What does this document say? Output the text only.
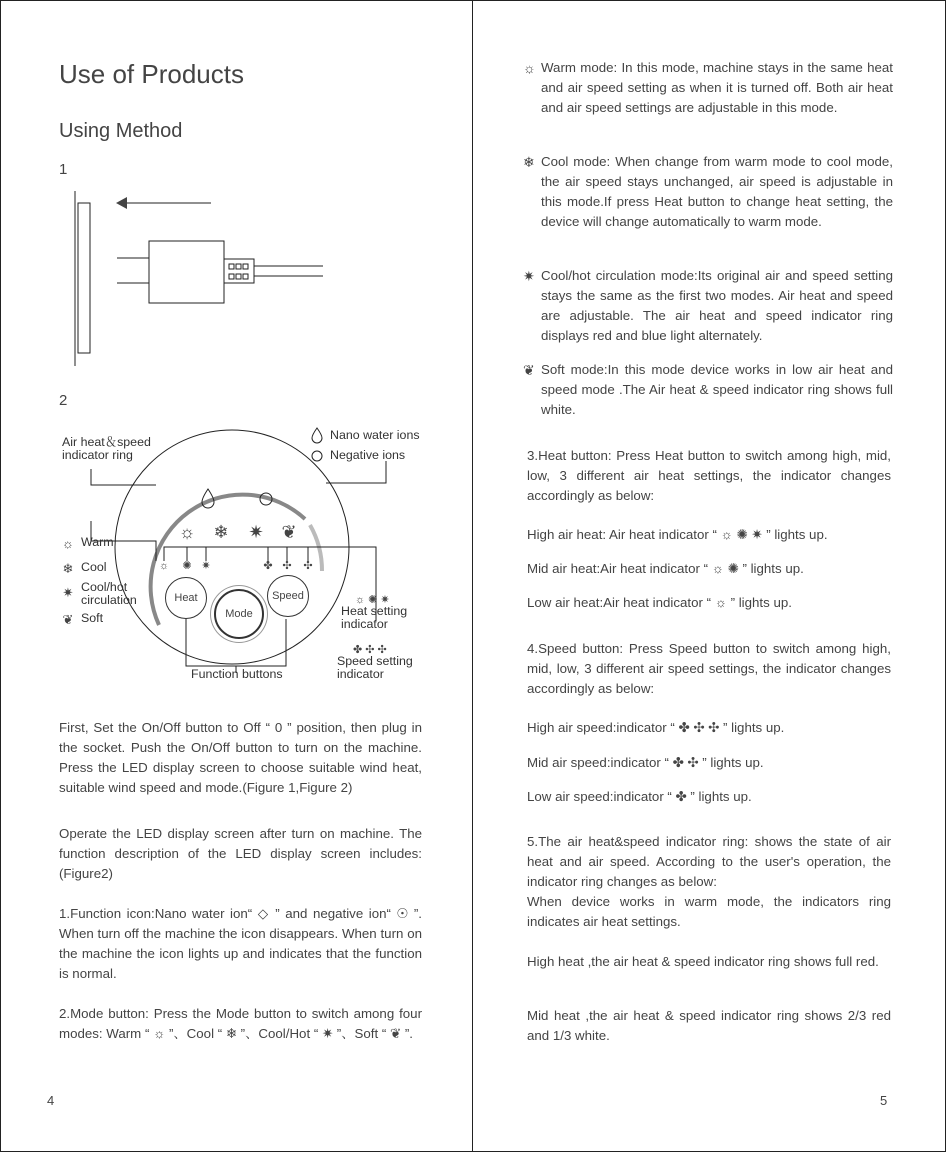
Use of Products
Using Method
1
2
☼ ❄ ✷ ❦
☼ ✺ ✷	✤ ✣ ✣
☼
❄
✷
❦
☼ ✺ ✷
✤ ✣ ✣
Heat
Mode
Speed
Air heat＆speed indicator ring
Nano water ions
Negative ions
Warm
Cool
Cool/hot circulation
Soft	Heat setting indicator
Speed setting indicator
Function buttons
First, Set the On/Off button to Off “ 0 ” position, then plug in the socket. Push the On/Off button to turn on the machine. Press the LED display screen to choose suitable wind heat, suitable wind speed and mode.(Figure 1,Figure 2)
Operate the LED display screen after turn on machine. The function description of the LED display screen includes: (Figure2)
1.Function icon:Nano water ion“ ◇ ” and negative ion“ ☉ ”. When turn off the machine the icon disappears. When turn on the machine the icon lights up and indicates that the function is normal.
2.Mode button: Press the Mode button to switch among four modes: Warm “ ☼ ”、Cool “ ❄ ”、Cool/Hot “ ✷ ”、Soft “ ❦ ”.
4
☼ Warm mode: In this mode, machine stays in the same heat and air speed setting as when it is turned off. Both air heat and air speed settings are adjustable in this mode.
❄ Cool mode: When change from warm mode to cool mode, the air speed stays unchanged, air speed is adjustable in this mode.If press Heat button to change heat setting, the device will change automatically to warm mode.
✷ Cool/hot circulation mode:Its original air and speed setting stays the same as the first two modes. Air heat and speed are adjustable. The air heat and speed indicator ring displays red and blue light alternately.
❦ Soft mode:In this mode device works in low air heat and speed mode .The Air heat & speed indicator ring shows full white.
3.Heat button: Press Heat button to switch among high, mid, low, 3 different air heat settings, the indicator changes accordingly as below:
High air heat: Air heat indicator “ ☼ ✺ ✷ ” lights up.
Mid air heat:Air heat indicator “ ☼ ✺ ” lights up.
Low air heat:Air heat indicator “ ☼ ” lights up.
4.Speed button: Press Speed button to switch among high, mid, low, 3 different air speed settings, the indicator changes accordingly as below:
High air speed:indicator “ ✤ ✣ ✣ ” lights up.
Mid air speed:indicator “ ✤ ✣ ” lights up.
Low air speed:indicator “ ✤ ” lights up.
5.The air heat&speed indicator ring: shows the state of air heat and air speed. According to the user's operation, the indicator ring changes as below:
When device works in warm mode, the indicators ring indicates air heat settings.
High heat ,the air heat & speed indicator ring shows full red.
Mid heat ,the air heat & speed indicator ring shows 2/3 red and 1/3 white.
5
